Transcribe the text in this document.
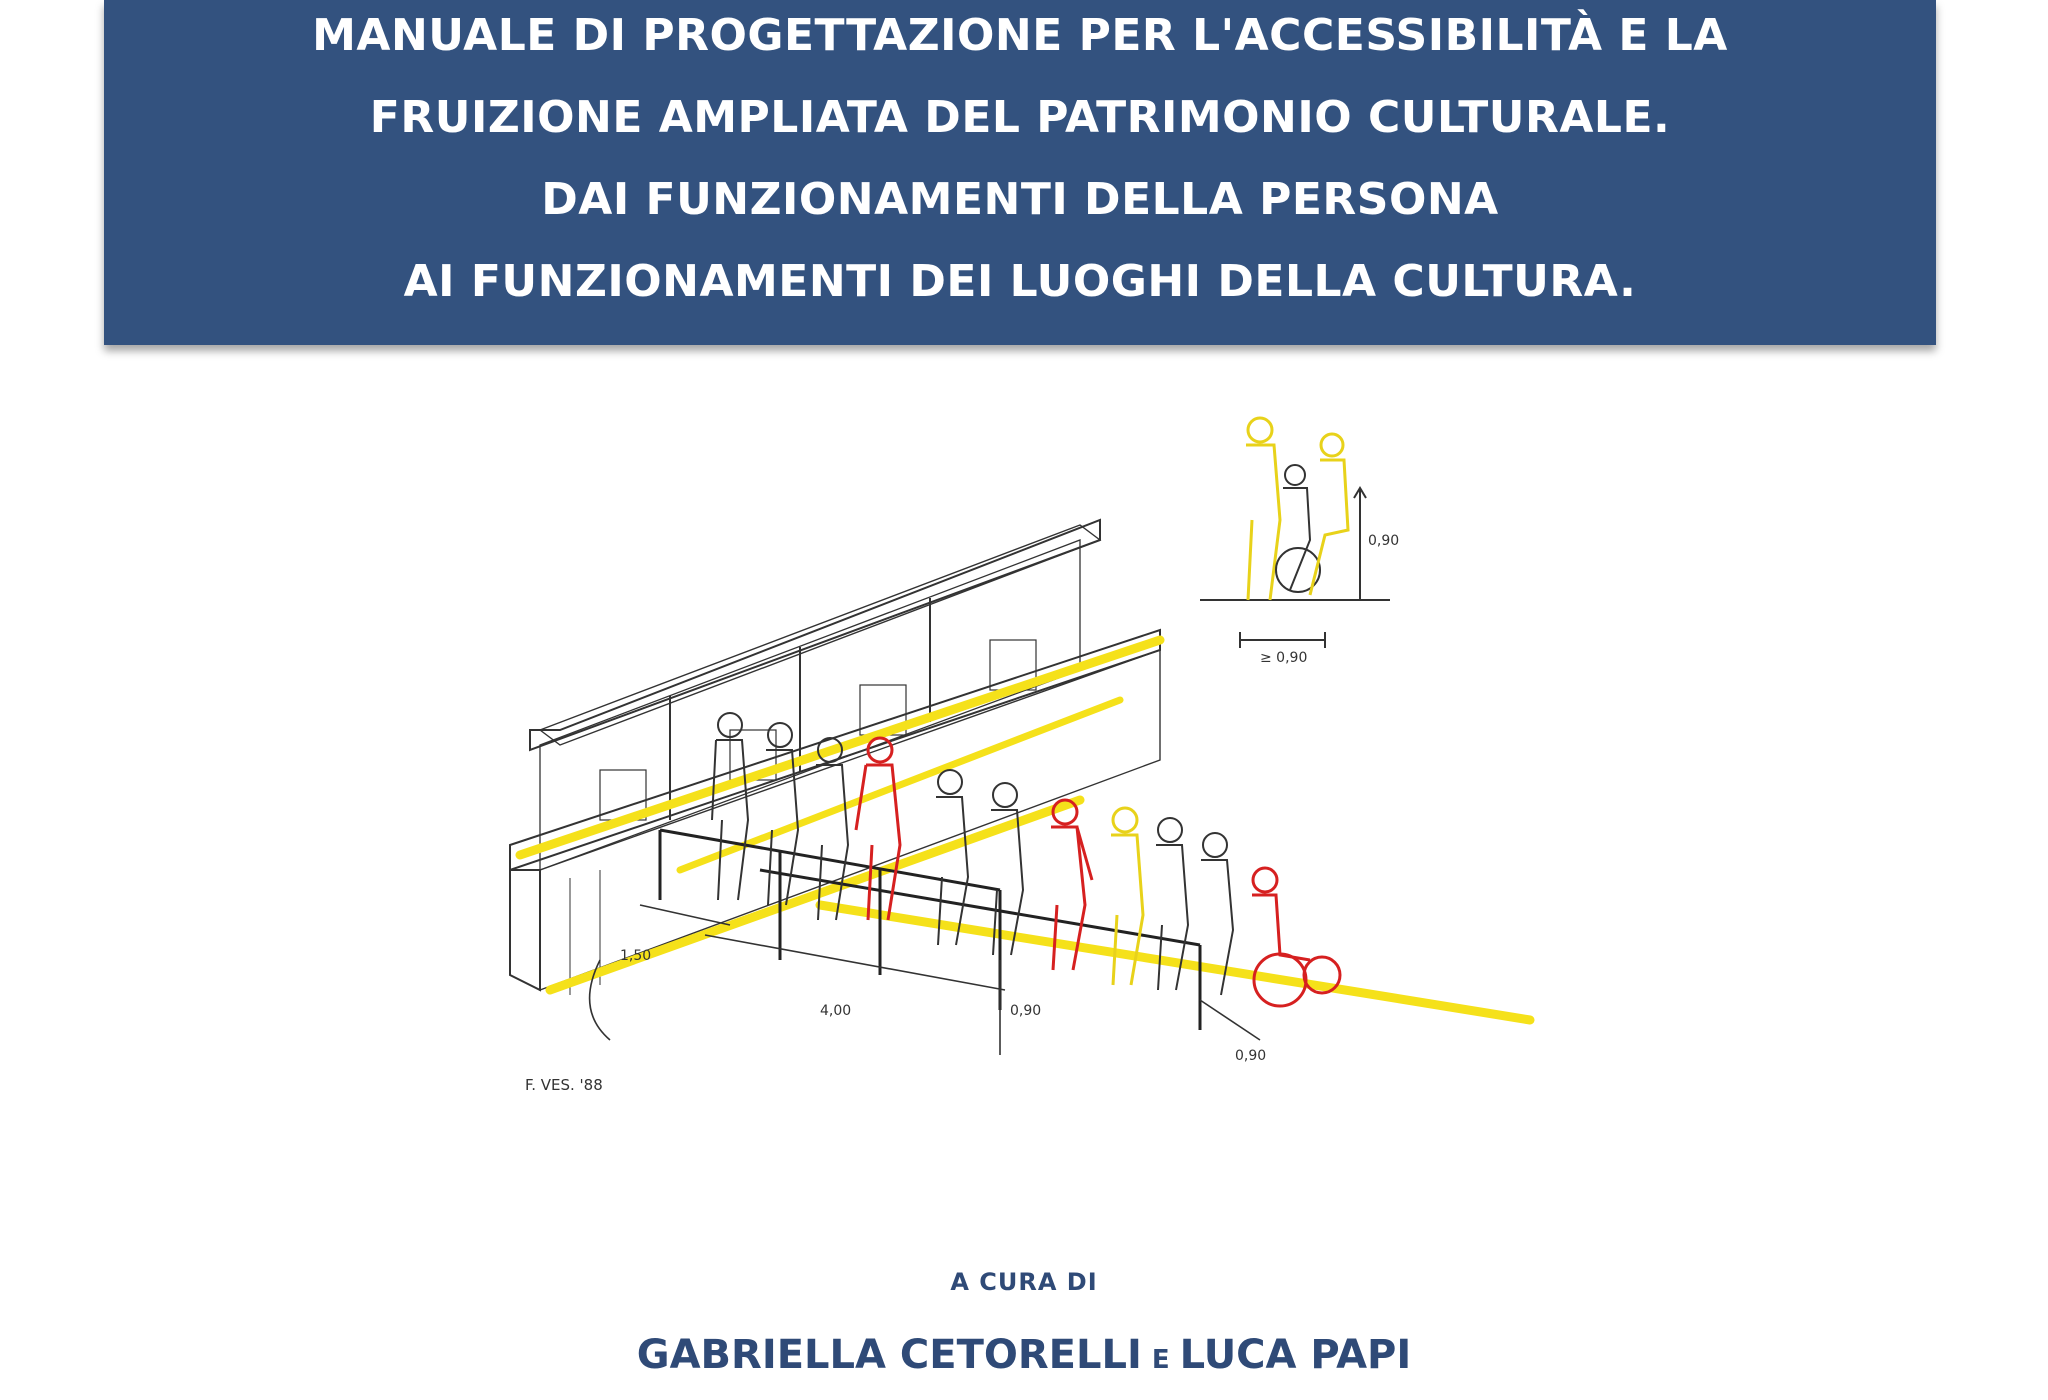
MANUALE DI PROGETTAZIONE PER L'ACCESSIBILITÀ E LA
FRUIZIONE AMPLIATA DEL PATRIMONIO CULTURALE.
DAI FUNZIONAMENTI DELLA PERSONA
AI FUNZIONAMENTI DEI LUOGHI DELLA CULTURA.
0,90
≥ 0,90
1,50
4,00	0,90
0,90
F. VES. '88
A CURA DI
GABRIELLA CETORELLI E LUCA PAPI
